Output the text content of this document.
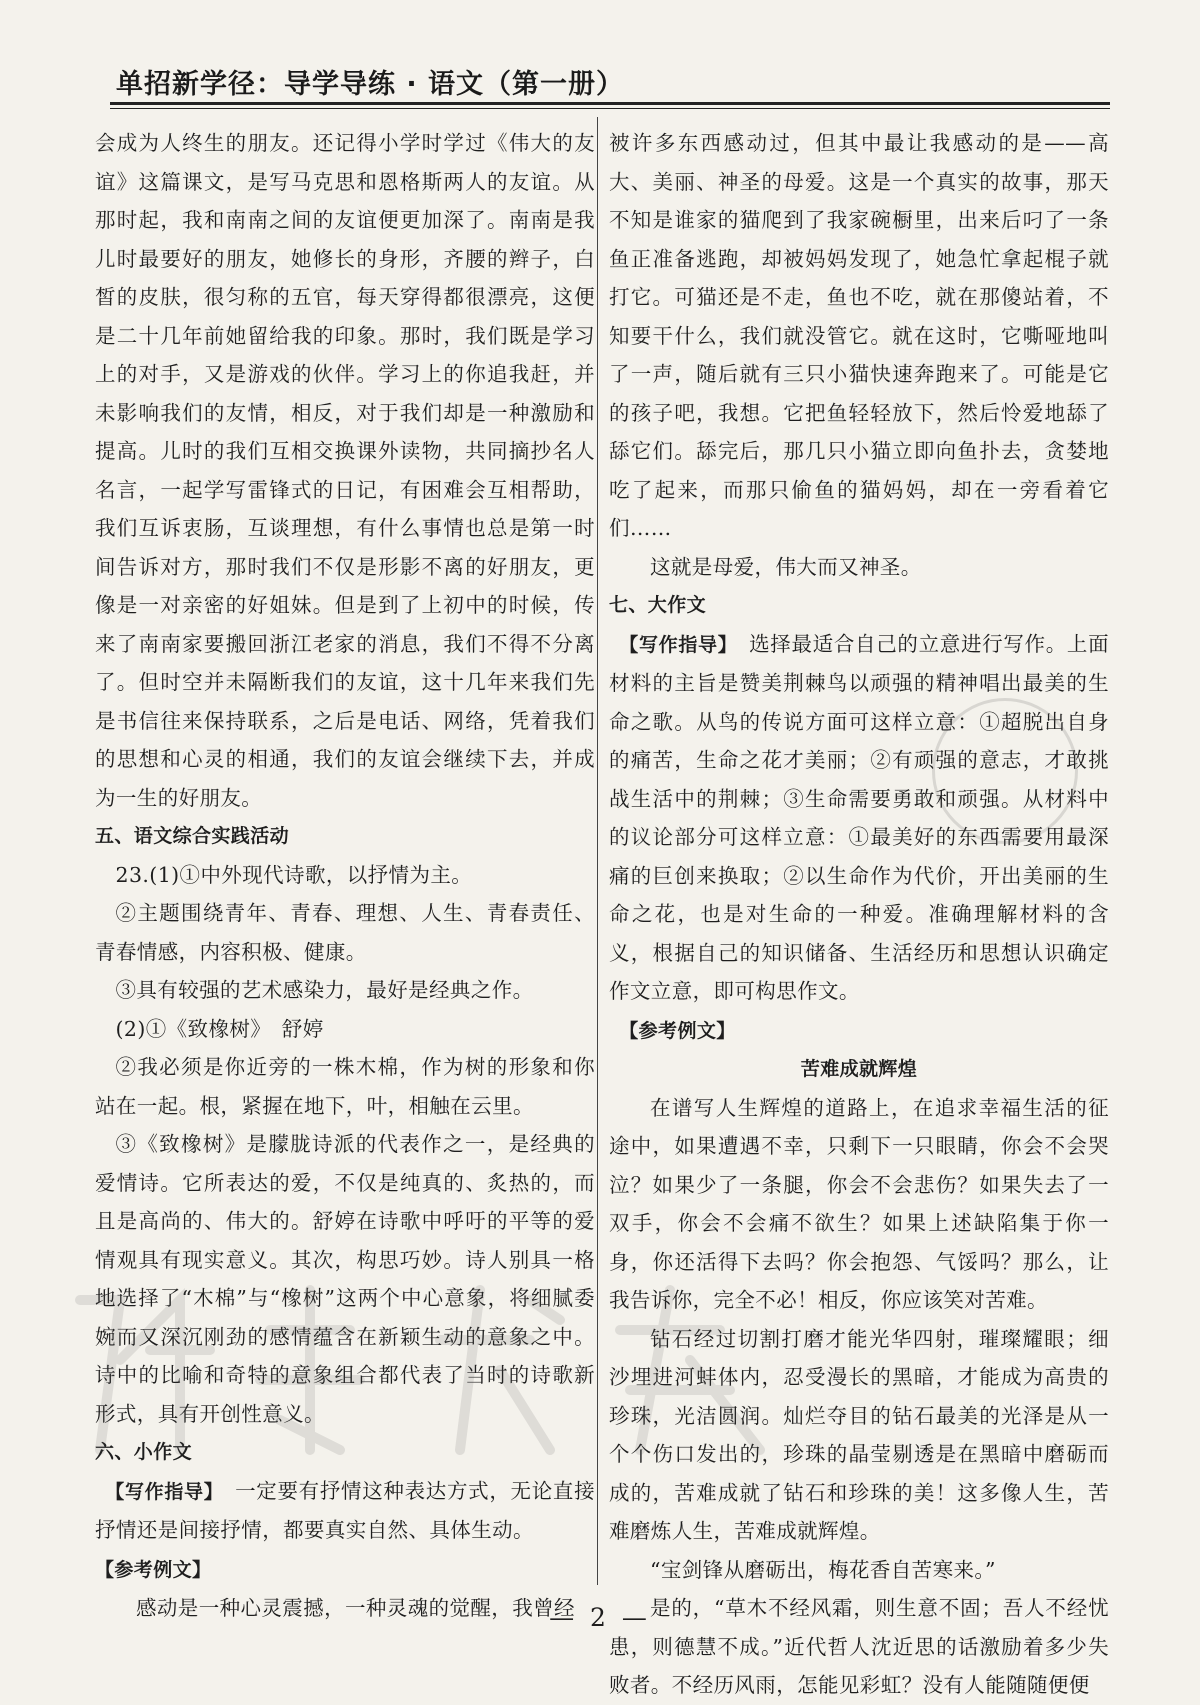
单招新学径：导学导练 · 语文（第一册）

会成为人终生的朋友。还记得小学时学过《伟大的友谊》这篇课文，是写马克思和恩格斯两人的友谊。从那时起，我和南南之间的友谊便更加深了。南南是我儿时最要好的朋友，她修长的身形，齐腰的辫子，白皙的皮肤，很匀称的五官，每天穿得都很漂亮，这便是二十几年前她留给我的印象。那时，我们既是学习上的对手，又是游戏的伙伴。学习上的你追我赶，并未影响我们的友情，相反，对于我们却是一种激励和提高。儿时的我们互相交换课外读物，共同摘抄名人名言，一起学写雷锋式的日记，有困难会互相帮助，我们互诉衷肠，互谈理想，有什么事情也总是第一时间告诉对方，那时我们不仅是形影不离的好朋友，更像是一对亲密的好姐妹。但是到了上初中的时候，传来了南南家要搬回浙江老家的消息，我们不得不分离了。但时空并未隔断我们的友谊，这十几年来我们先是书信往来保持联系，之后是电话、网络，凭着我们的思想和心灵的相通，我们的友谊会继续下去，并成为一生的好朋友。

五、语文综合实践活动

23.(1)①中外现代诗歌，以抒情为主。

②主题围绕青年、青春、理想、人生、青春责任、青春情感，内容积极、健康。

③具有较强的艺术感染力，最好是经典之作。

(2)①《致橡树》　舒婷

②我必须是你近旁的一株木棉，作为树的形象和你站在一起。根，紧握在地下，叶，相触在云里。

③《致橡树》是朦胧诗派的代表作之一，是经典的爱情诗。它所表达的爱，不仅是纯真的、炙热的，而且是高尚的、伟大的。舒婷在诗歌中呼吁的平等的爱情观具有现实意义。其次，构思巧妙。诗人别具一格地选择了“木棉”与“橡树”这两个中心意象，将细腻委婉而又深沉刚劲的感情蕴含在新颖生动的意象之中。诗中的比喻和奇特的意象组合都代表了当时的诗歌新形式，具有开创性意义。

六、小作文

【写作指导】　 一定要有抒情这种表达方式，无论直接抒情还是间接抒情，都要真实自然、具体生动。

【参考例文】

感动是一种心灵震撼，一种灵魂的觉醒，我曾经

被许多东西感动过，但其中最让我感动的是——高大、美丽、神圣的母爱。这是一个真实的故事，那天不知是谁家的猫爬到了我家碗橱里，出来后叼了一条鱼正准备逃跑，却被妈妈发现了，她急忙拿起棍子就打它。可猫还是不走，鱼也不吃，就在那傻站着，不知要干什么，我们就没管它。就在这时，它嘶哑地叫了一声，随后就有三只小猫快速奔跑来了。可能是它的孩子吧，我想。它把鱼轻轻放下，然后怜爱地舔了舔它们。舔完后，那几只小猫立即向鱼扑去，贪婪地吃了起来，而那只偷鱼的猫妈妈，却在一旁看着它们……

这就是母爱，伟大而又神圣。

七、大作文

【写作指导】　 选择最适合自己的立意进行写作。上面材料的主旨是赞美荆棘鸟以顽强的精神唱出最美的生命之歌。从鸟的传说方面可这样立意：①超脱出自身的痛苦，生命之花才美丽；②有顽强的意志，才敢挑战生活中的荆棘；③生命需要勇敢和顽强。从材料中的议论部分可这样立意：①最美好的东西需要用最深痛的巨创来换取；②以生命作为代价，开出美丽的生命之花，也是对生命的一种爱。准确理解材料的含义，根据自己的知识储备、生活经历和思想认识确定作文立意，即可构思作文。

【参考例文】

苦难成就辉煌

在谱写人生辉煌的道路上，在追求幸福生活的征途中，如果遭遇不幸，只剩下一只眼睛，你会不会哭泣？如果少了一条腿，你会不会悲伤？如果失去了一双手，你会不会痛不欲生？如果上述缺陷集于你一身，你还活得下去吗？你会抱怨、气馁吗？那么，让我告诉你，完全不必！相反，你应该笑对苦难。

钻石经过切割打磨才能光华四射，璀璨耀眼；细沙埋进河蚌体内，忍受漫长的黑暗，才能成为高贵的珍珠，光洁圆润。灿烂夺目的钻石最美的光泽是从一个个伤口发出的，珍珠的晶莹剔透是在黑暗中磨砺而成的，苦难成就了钻石和珍珠的美！这多像人生，苦难磨炼人生，苦难成就辉煌。

“宝剑锋从磨砺出，梅花香自苦寒来。”

是的，“草木不经风霜，则生意不固；吾人不经忧患，则德慧不成。”近代哲人沈近思的话激励着多少失败者。不经历风雨，怎能见彩虹？没有人能随随便便

— 2 —
